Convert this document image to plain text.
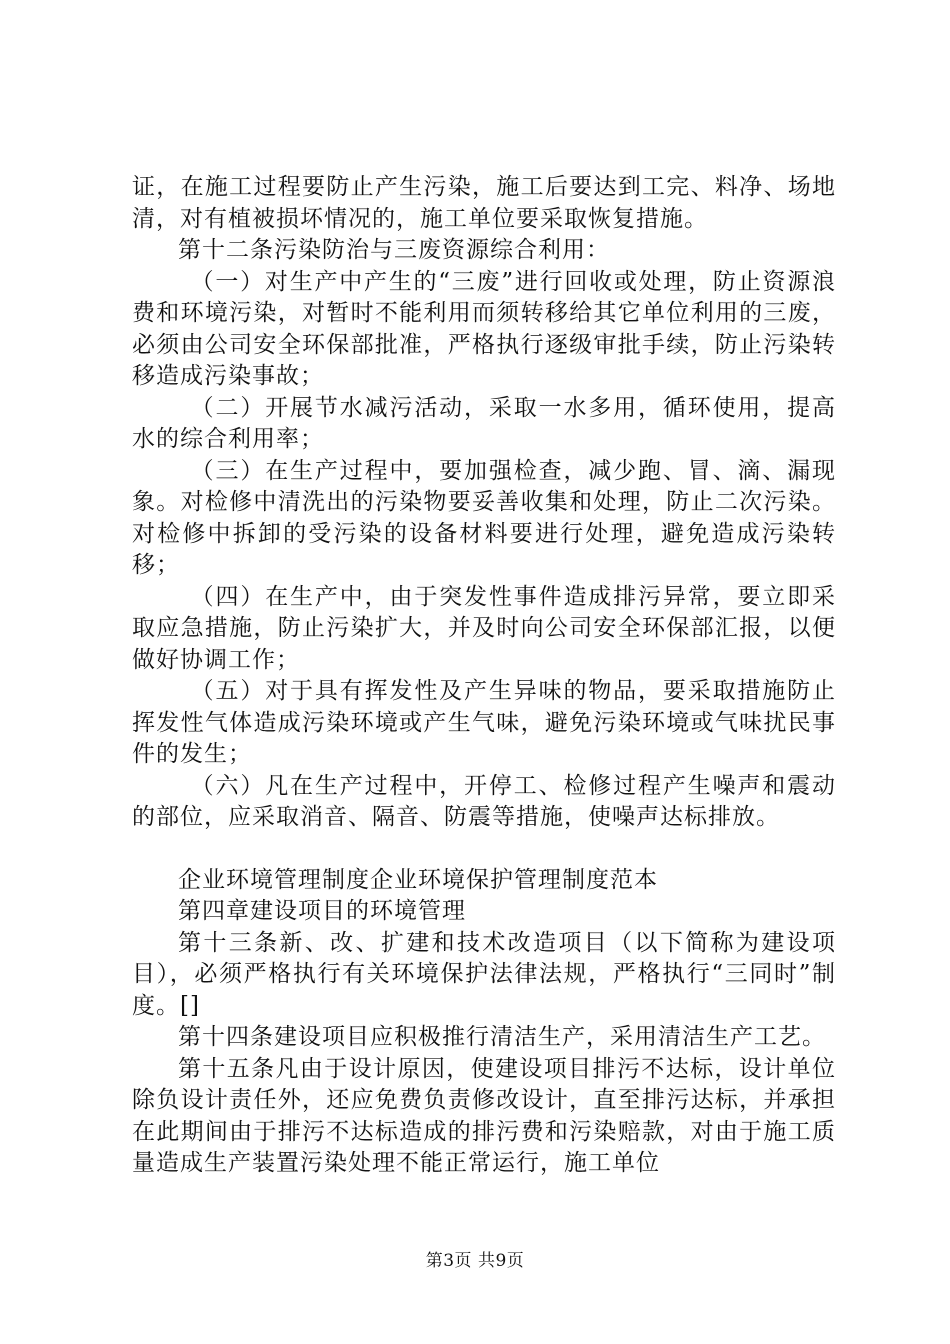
证，在施工过程要防止产生污染，施工后要达到工完、料净、场地清，对有植被损坏情况的，施工单位要采取恢复措施。

第十二条污染防治与三废资源综合利用：

（一）对生产中产生的“三废”进行回收或处理，防止资源浪费和环境污染，对暂时不能利用而须转移给其它单位利用的三废，必须由公司安全环保部批准，严格执行逐级审批手续，防止污染转移造成污染事故；

（二）开展节水减污活动，采取一水多用，循环使用，提高水的综合利用率；

（三）在生产过程中，要加强检查，减少跑、冒、滴、漏现象。对检修中清洗出的污染物要妥善收集和处理，防止二次污染。对检修中拆卸的受污染的设备材料要进行处理，避免造成污染转移；

（四）在生产中，由于突发性事件造成排污异常，要立即采取应急措施，防止污染扩大，并及时向公司安全环保部汇报，以便做好协调工作；

（五）对于具有挥发性及产生异味的物品，要采取措施防止挥发性气体造成污染环境或产生气味，避免污染环境或气味扰民事件的发生；

（六）凡在生产过程中，开停工、检修过程产生噪声和震动的部位，应采取消音、隔音、防震等措施，使噪声达标排放。

企业环境管理制度企业环境保护管理制度范本

第四章建设项目的环境管理

第十三条新、改、扩建和技术改造项目（以下简称为建设项目），必须严格执行有关环境保护法律法规，严格执行“三同时”制度。[]

第十四条建设项目应积极推行清洁生产，采用清洁生产工艺。

第十五条凡由于设计原因，使建设项目排污不达标，设计单位除负设计责任外，还应免费负责修改设计，直至排污达标，并承担在此期间由于排污不达标造成的排污费和污染赔款，对由于施工质量造成生产装置污染处理不能正常运行，施工单位

第3页 共9页
